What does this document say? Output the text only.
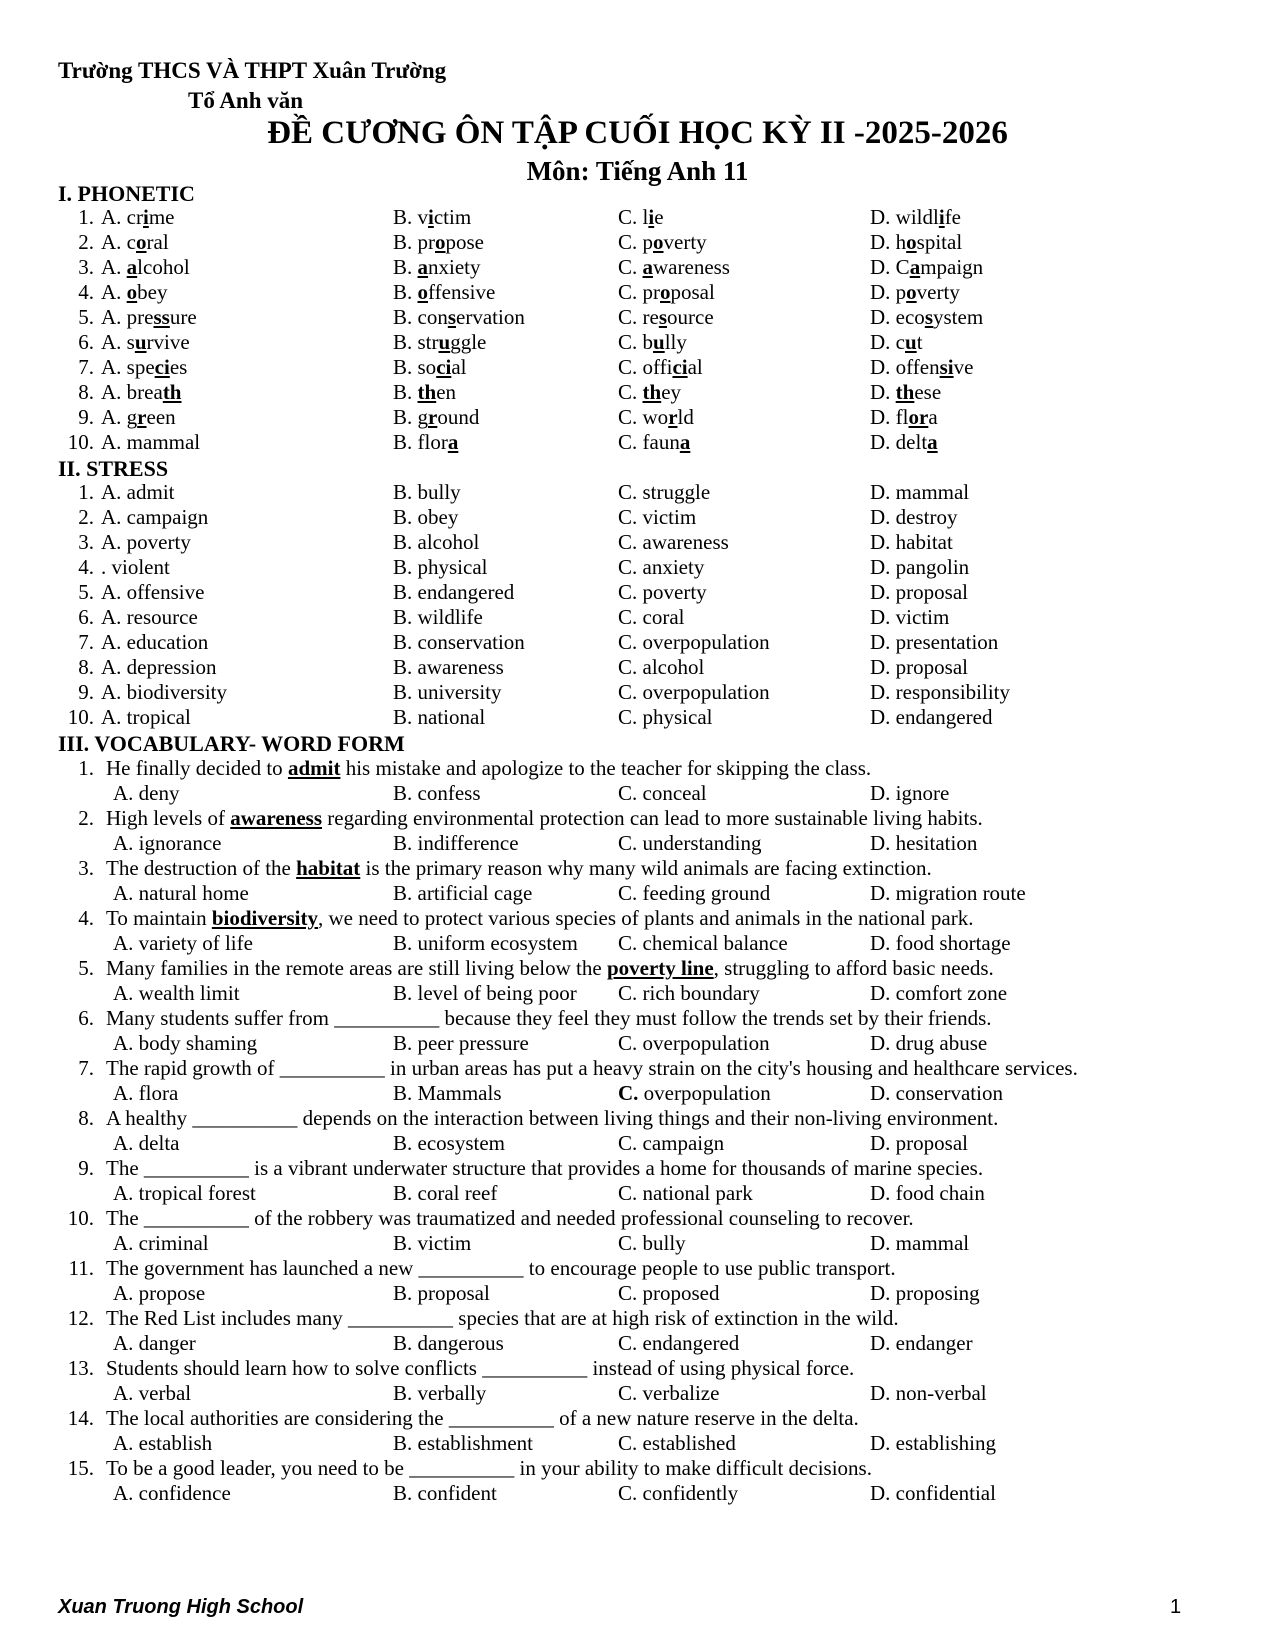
Trường THCS VÀ THPT Xuân Trường
Tổ Anh văn
ĐỀ CƯƠNG ÔN TẬP CUỐI HỌC KỲ II -2025-2026
Môn: Tiếng Anh 11
I. PHONETIC
1. A. crime	B. victim	C. lie	D. wildlife
2. A. coral	B. propose	C. poverty	D. hospital
3. A. alcohol	B. anxiety	C. awareness	D. Campaign
4. A. obey	B. offensive	C. proposal	D. poverty
5. A. pressure	B. conservation	C. resource	D. ecosystem
6. A. survive	B. struggle	C. bully	D. cut
7. A. species	B. social	C. official	D. offensive
8. A. breath	B. then	C. they	D. these
9. A. green	B. ground	C. world	D. flora
10. A. mammal	B. flora	C. fauna	D. delta
II. STRESS
1. A. admit	B. bully	C. struggle	D. mammal
2. A. campaign	B. obey	C. victim	D. destroy
3. A. poverty	B. alcohol	C. awareness	D. habitat
4. . violent	B. physical	C. anxiety	D. pangolin
5. A. offensive	B. endangered	C. poverty	D. proposal
6. A. resource	B. wildlife	C. coral	D. victim
7. A. education	B. conservation	C. overpopulation	D. presentation
8. A. depression	B. awareness	C. alcohol	D. proposal
9. A. biodiversity	B. university	C. overpopulation	D. responsibility
10. A. tropical	B. national	C. physical	D. endangered
III. VOCABULARY- WORD FORM
1. He finally decided to admit his mistake and apologize to the teacher for skipping the class.
A. deny	B. confess	C. conceal	D. ignore
2. High levels of awareness regarding environmental protection can lead to more sustainable living habits.
A. ignorance	B. indifference	C. understanding	D. hesitation
3. The destruction of the habitat is the primary reason why many wild animals are facing extinction.
A. natural home	B. artificial cage	C. feeding ground	D. migration route
4. To maintain biodiversity, we need to protect various species of plants and animals in the national park.
A. variety of life	B. uniform ecosystem C. chemical balance	D. food shortage
5. Many families in the remote areas are still living below the poverty line, struggling to afford basic needs.
A. wealth limit	B. level of being poor C. rich boundary	D. comfort zone
6. Many students suffer from __________ because they feel they must follow the trends set by their friends.
A. body shaming	B. peer pressure	C. overpopulation	D. drug abuse
7. The rapid growth of __________ in urban areas has put a heavy strain on the city's housing and healthcare services.
A. flora	B. Mammals	C. overpopulation	D. conservation
8. A healthy __________ depends on the interaction between living things and their non-living environment.
A. delta	B. ecosystem	C. campaign	D. proposal
9. The __________ is a vibrant underwater structure that provides a home for thousands of marine species.
A. tropical forest	B. coral reef	C. national park	D. food chain
10. The __________ of the robbery was traumatized and needed professional counseling to recover.
A. criminal	B. victim	C. bully	D. mammal
11. The government has launched a new __________ to encourage people to use public transport.
A. propose	B. proposal	C. proposed	D. proposing
12. The Red List includes many __________ species that are at high risk of extinction in the wild.
A. danger	B. dangerous	C. endangered	D. endanger
13. Students should learn how to solve conflicts __________ instead of using physical force.
A. verbal	B. verbally	C. verbalize	D. non-verbal
14. The local authorities are considering the __________ of a new nature reserve in the delta.
A. establish	B. establishment	C. established	D. establishing
15. To be a good leader, you need to be __________ in your ability to make difficult decisions.
A. confidence	B. confident	C. confidently	D. confidential
Xuan Truong High School	1
